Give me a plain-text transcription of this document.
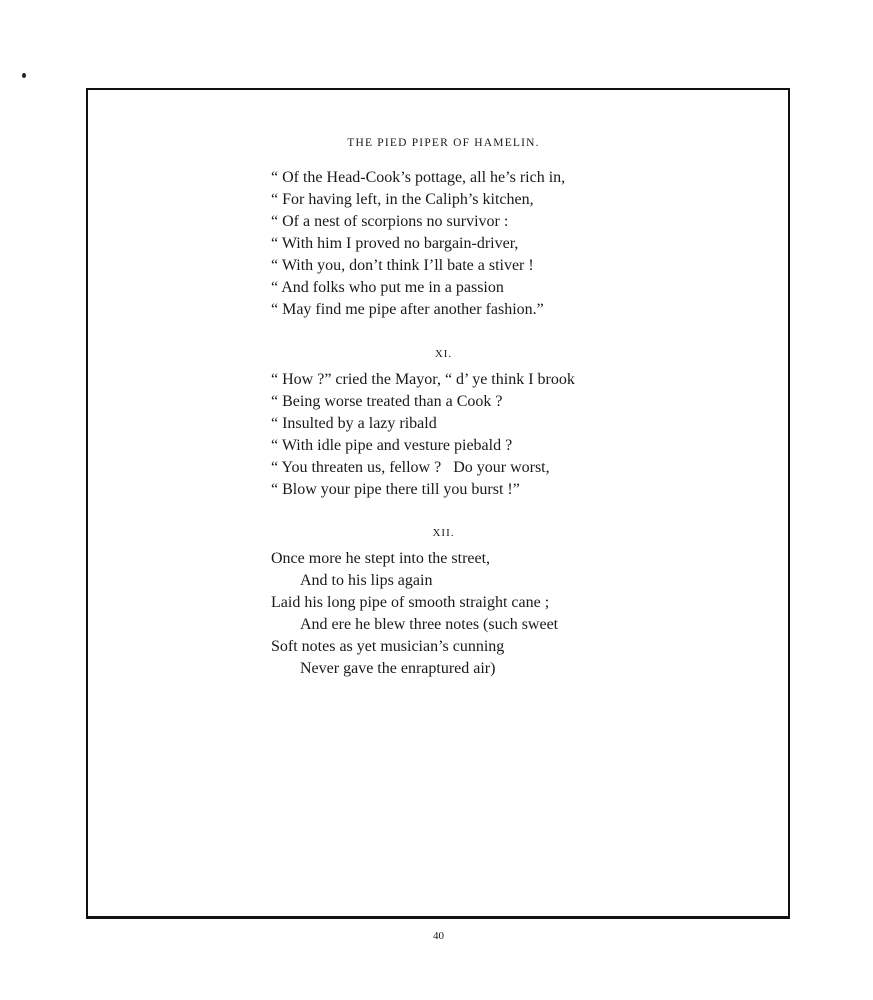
THE PIED PIPER OF HAMELIN.
“ Of the Head-Cook’s pottage, all he’s rich in,
“ For having left, in the Caliph’s kitchen,
“ Of a nest of scorpions no survivor :
“ With him I proved no bargain-driver,
“ With you, don’t think I’ll bate a stiver !
“ And folks who put me in a passion
“ May find me pipe after another fashion.”
XI.
“ How ?” cried the Mayor, “ d’ ye think I brook
“ Being worse treated than a Cook ?
“ Insulted by a lazy ribald
“ With idle pipe and vesture piebald ?
“ You threaten us, fellow ?   Do your worst,
“ Blow your pipe there till you burst !”
XII.
Once more he stept into the street,
And to his lips again
Laid his long pipe of smooth straight cane ;
And ere he blew three notes (such sweet
Soft notes as yet musician’s cunning
Never gave the enraptured air)
40
